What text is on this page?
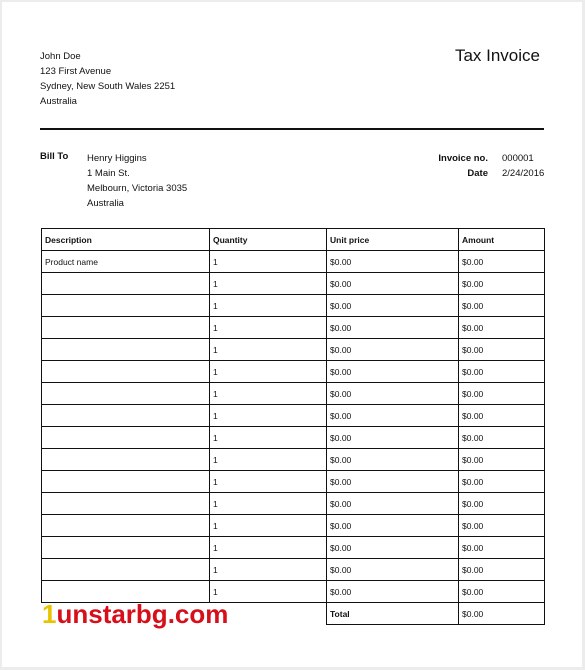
John Doe
123 First Avenue
Sydney, New South Wales 2251
Australia
Tax Invoice
Bill To Henry Higgins
1 Main St.
Melbourn, Victoria 3035
Australia
Invoice no. 000001
Date 2/24/2016
Description	Quantity	Unit price	Amount
Product name	1	$0.00	$0.00
	1	$0.00	$0.00
	1	$0.00	$0.00
	1	$0.00	$0.00
	1	$0.00	$0.00
	1	$0.00	$0.00
	1	$0.00	$0.00
	1	$0.00	$0.00
	1	$0.00	$0.00
	1	$0.00	$0.00
	1	$0.00	$0.00
	1	$0.00	$0.00
	1	$0.00	$0.00
	1	$0.00	$0.00
	1	$0.00	$0.00
	1	$0.00	$0.00
		Total	$0.00
1unstarbg.com
